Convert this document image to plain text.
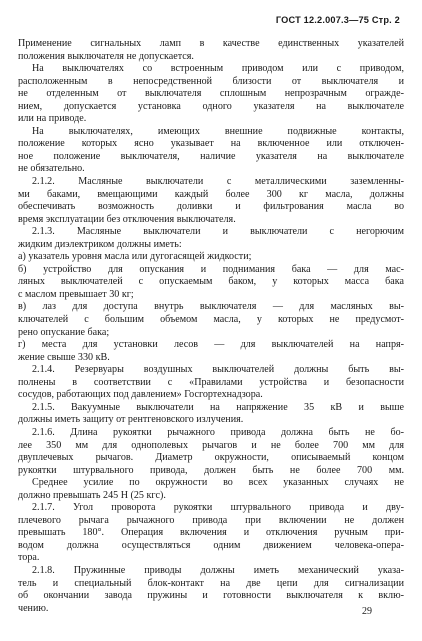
ГОСТ 12.2.007.3—75 Стр. 2
Применение сигнальных ламп в качестве единственных указателей
положения выключателя не допускается.
На выключателях со встроенным приводом или с приводом,
расположенным в непосредственной близости от выключателя и
не отделенным от выключателя сплошным непрозрачным огражде-
нием, допускается установка одного указателя на выключателе
или на приводе.
На выключателях, имеющих внешние подвижные контакты,
положение которых ясно указывает на включенное или отключен-
ное положение выключателя, наличие указателя на выключателе
не обязательно.
2.1.2. Масляные выключатели с металлическими заземленны-
ми баками, вмещающими каждый более 300 кг масла, должны
обеспечивать возможность доливки и фильтрования масла во
время эксплуатации без отключения выключателя.
2.1.3. Масляные выключатели и выключатели с негорючим
жидким диэлектриком должны иметь:
а) указатель уровня масла или дугогасящей жидкости;
б) устройство для опускания и поднимания бака — для мас-
ляных выключателей с опускаемым баком, у которых масса бака
с маслом превышает 30 кг;
в) лаз для доступа внутрь выключателя — для масляных вы-
ключателей с большим объемом масла, у которых не предусмот-
рено опускание бака;
г) места для установки лесов — для выключателей на напря-
жение свыше 330 кВ.
2.1.4. Резервуары воздушных выключателей должны быть вы-
полнены в соответствии с «Правилами устройства и безопасности
сосудов, работающих под давлением» Госгортехнадзора.
2.1.5. Вакуумные выключатели на напряжение 35 кВ и выше
должны иметь защиту от рентгеновского излучения.
2.1.6. Длина рукоятки рычажного привода должна быть не бо-
лее 350 мм для однополевых рычагов и не более 700 мм для
двуплечевых рычагов. Диаметр окружности, описываемый концом
рукоятки штурвального привода, должен быть не более 700 мм.
Среднее усилие по окружности во всех указанных случаях не
должно превышать 245 Н (25 кгс).
2.1.7. Угол проворота рукоятки штурвального привода и дву-
плечевого рычага рычажного привода при включении не должен
превышать 180°. Операция включения и отключения ручным при-
водом должна осуществляться одним движением человека-опера-
тора.
2.1.8. Пружинные приводы должны иметь механический указа-
тель и специальный блок-контакт на две цепи для сигнализации
об окончании завода пружины и готовности выключателя к вклю-
чению.	29
